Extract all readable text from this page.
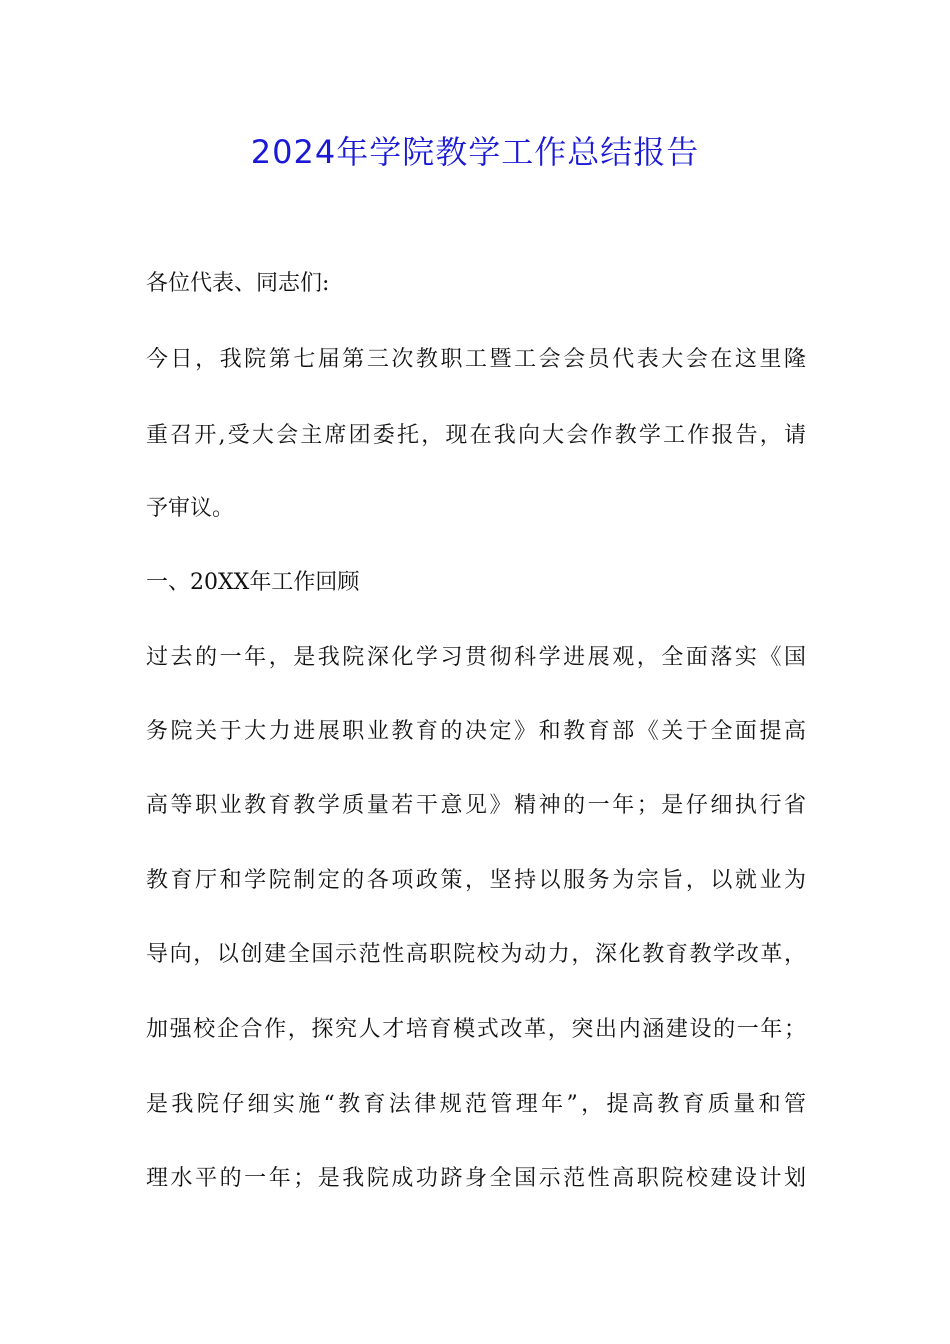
2024年学院教学工作总结报告

各位代表、同志们:

今日，我院第七届第三次教职工暨工会会员代表大会在这里隆

重召开,受大会主席团委托，现在我向大会作教学工作报告，请

予审议。

一、20XX年工作回顾

过去的一年，是我院深化学习贯彻科学进展观，全面落实《国

务院关于大力进展职业教育的决定》和教育部《关于全面提高

高等职业教育教学质量若干意见》精神的一年；是仔细执行省

教育厅和学院制定的各项政策，坚持以服务为宗旨，以就业为

导向，以创建全国示范性高职院校为动力，深化教育教学改革，

加强校企合作，探究人才培育模式改革，突出内涵建设的一年；

是我院仔细实施“教育法律规范管理年”，提高教育质量和管

理水平的一年；是我院成功跻身全国示范性高职院校建设计划
